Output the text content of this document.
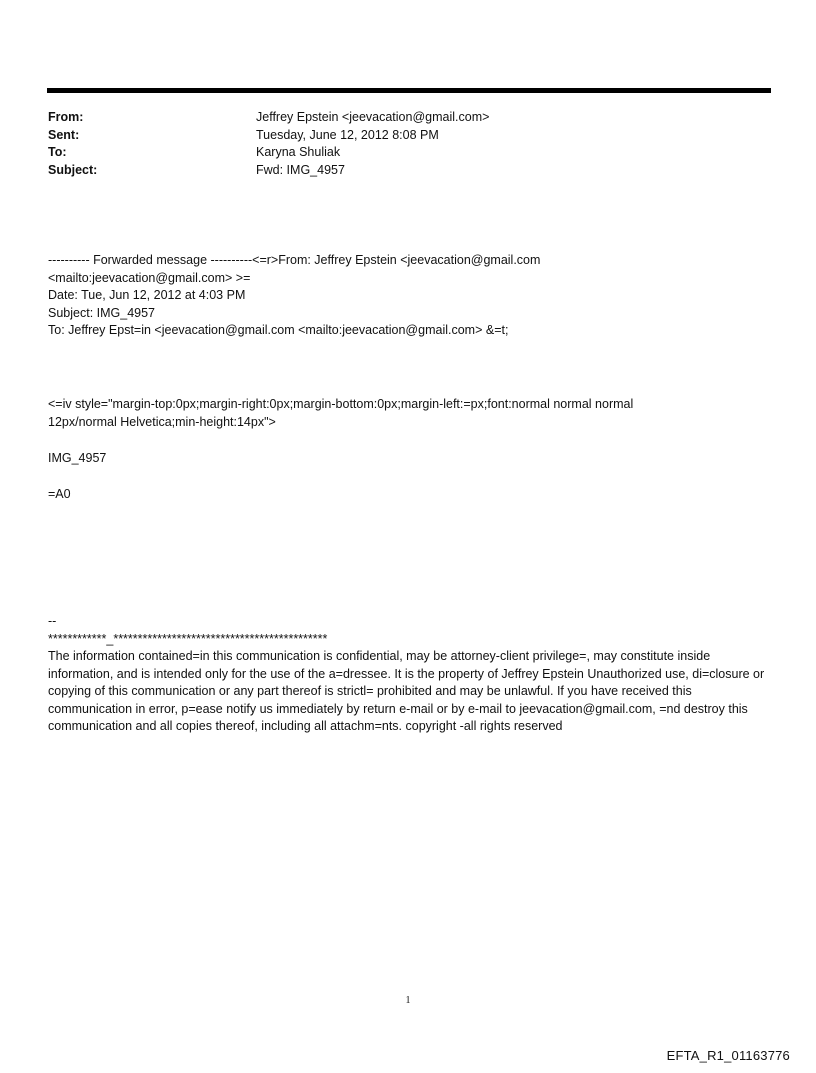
From:	Jeffrey Epstein <jeevacation@gmail.com>
Sent:	Tuesday, June 12, 2012 8:08 PM
To:	Karyna Shuliak
Subject:	Fwd: IMG_4957

---------- Forwarded message ----------<=r>From: Jeffrey Epstein <jeevacation@gmail.com

<mailto:jeevacation@gmail.com> >=

Date: Tue, Jun 12, 2012 at 4:03 PM

Subject: IMG_4957

To: Jeffrey Epst=in <jeevacation@gmail.com <mailto:jeevacation@gmail.com> &=t;

<=iv style="margin-top:0px;margin-right:0px;margin-bottom:0px;margin-left:=px;font:normal normal normal

12px/normal Helvetica;min-height:14px">

IMG_4957

=A0

--

************_********************************************

The information contained=in this communication is confidential, may be attorney-client privilege=, may constitute inside information, and is intended only for the use of the a=dressee. It is the property of Jeffrey Epstein Unauthorized use, di=closure or copying of this communication or any part thereof is strictl= prohibited and may be unlawful. If you have received this communication in error, p=ease notify us immediately by return e-mail or by e-mail to jeevacation@gmail.com, =nd destroy this communication and all copies thereof, including all attachm=nts. copyright -all rights reserved

1
EFTA_R1_01163776
